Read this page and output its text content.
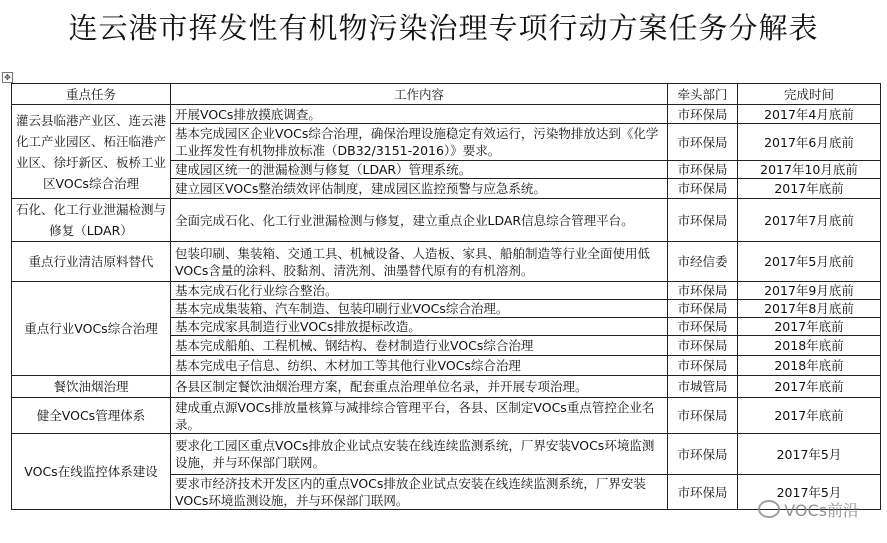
连云港市挥发性有机物污染治理专项行动方案任务分解表
✥
重点任务	工作内容	牵头部门	完成时间
灌云县临港产业区、连云港化工产业园区、柘汪临港产业区、徐圩新区、板桥工业区VOCs综合治理	开展VOCs排放摸底调查。	市环保局	2017年4月底前
	基本完成园区企业VOCs综合治理，确保治理设施稳定有效运行，污染物排放达到《化学工业挥发性有机物排放标准（DB32/3151-2016）》要求。	市环保局	2017年6月底前
	建成园区统一的泄漏检测与修复（LDAR）管理系统。	市环保局	2017年10月底前
	建立园区VOCs整治绩效评估制度，建成园区监控预警与应急系统。	市环保局	2017年底前
石化、化工行业泄漏检测与修复（LDAR）	全面完成石化、化工行业泄漏检测与修复，建立重点企业LDAR信息综合管理平台。	市环保局	2017年7月底前
重点行业清洁原料替代	包装印刷、集装箱、交通工具、机械设备、人造板、家具、船舶制造等行业全面使用低VOCs含量的涂料、胶黏剂、清洗剂、油墨替代原有的有机溶剂。	市经信委	2017年5月底前
重点行业VOCs综合治理	基本完成石化行业综合整治。	市环保局	2017年9月底前
	基本完成集装箱、汽车制造、包装印刷行业VOCs综合治理。	市环保局	2017年8月底前
	基本完成家具制造行业VOCs排放提标改造。	市环保局	2017年底前
	基本完成船舶、工程机械、钢结构、卷材制造行业VOCs综合治理	市环保局	2018年底前
	基本完成电子信息、纺织、木材加工等其他行业VOCs综合治理	市环保局	2018年底前
餐饮油烟治理	各县区制定餐饮油烟治理方案，配套重点治理单位名录，并开展专项治理。	市城管局	2017年底前
健全VOCs管理体系	建成重点源VOCs排放量核算与减排综合管理平台，各县、区制定VOCs重点管控企业名录。	市环保局	2017年底前
VOCs在线监控体系建设	要求化工园区重点VOCs排放企业试点安装在线连续监测系统，厂界安装VOCs环境监测设施，并与环保部门联网。	市环保局	2017年5月
	要求市经济技术开发区内的重点VOCs排放企业试点安装在线连续监测系统，厂界安装VOCs环境监测设施，并与环保部门联网。	市环保局	2017年5月
VOCs前沿
